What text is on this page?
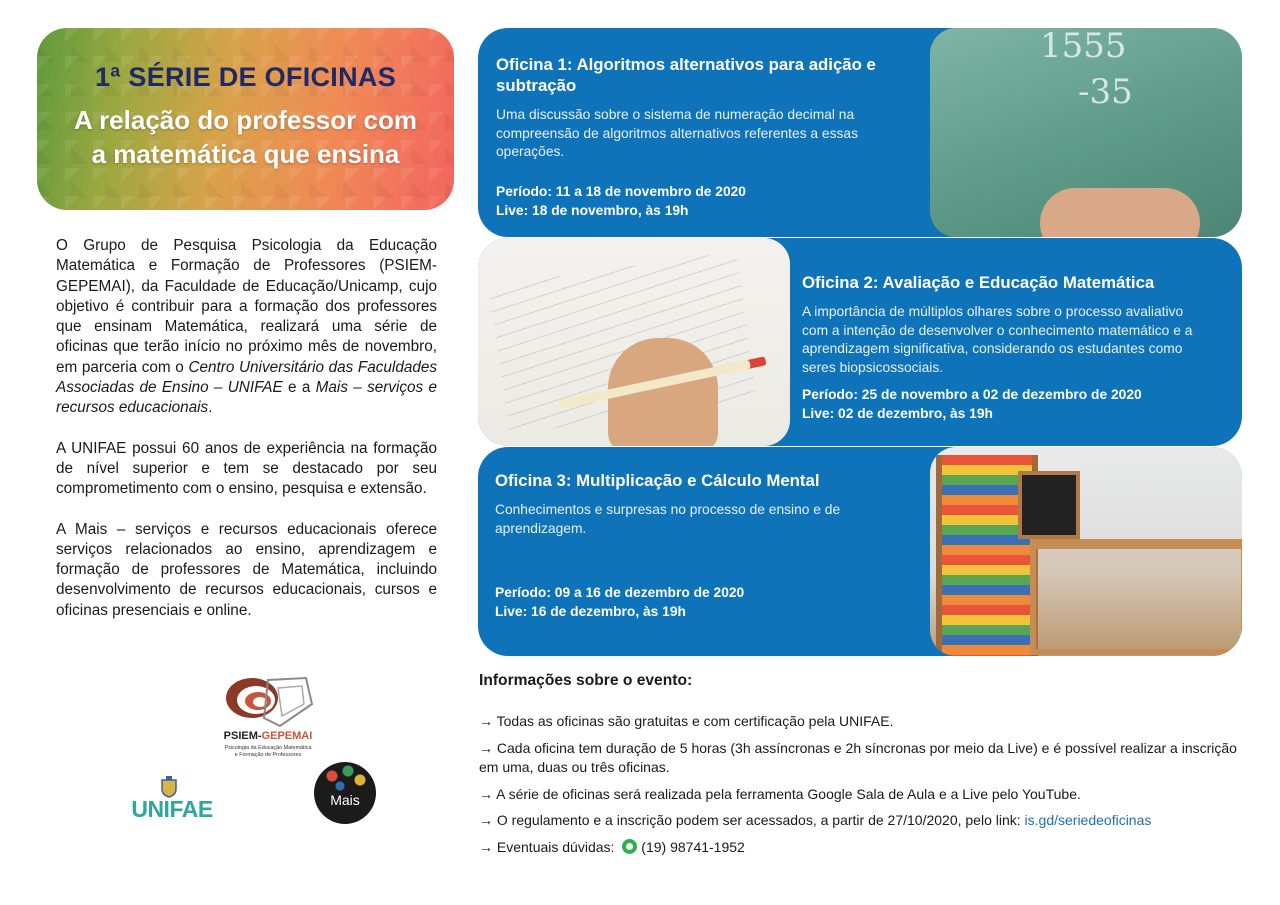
1ª SÉRIE DE OFICINAS
A relação do professor com
a matemática que ensina

O Grupo de Pesquisa Psicologia da Educação Matemática e Formação de Professores (PSIEM-GEPEMAI), da Faculdade de Educação/Unicamp, cujo objetivo é contribuir para a formação dos professores que ensinam Matemática, realizará uma série de oficinas que terão início no próximo mês de novembro, em parceria com o Centro Universitário das Faculdades Associadas de Ensino – UNIFAE e a Mais – serviços e recursos educacionais.

A UNIFAE possui 60 anos de experiência na formação de nível superior e tem se destacado por seu comprometimento com o ensino, pesquisa e extensão.

A Mais – serviços e recursos educacionais oferece serviços relacionados ao ensino, aprendizagem e formação de professores de Matemática, incluindo desenvolvimento de recursos educacionais, cursos e oficinas presenciais e online.

PSIEM-GEPEMAI
Psicologia da Educação Matemática
e Formação de Professores
UNIFAE	Mais
Oficina 1: Algoritmos alternativos para adição e subtração

Uma discussão sobre o sistema de numeração decimal na compreensão de algoritmos alternativos referentes a essas operações.

Período: 11 a 18 de novembro de 2020
Live: 18 de novembro, às 19h
1555
-35
Oficina 2: Avaliação e Educação Matemática

A importância de múltiplos olhares sobre o processo avaliativo com a intenção de desenvolver o conhecimento matemático e a aprendizagem significativa, considerando os estudantes como seres biopsicossociais.

Período: 25 de novembro a 02 de dezembro de 2020
Live: 02 de dezembro, às 19h
Oficina 3: Multiplicação e Cálculo Mental

Conhecimentos e surpresas no processo de ensino e de aprendizagem.

Período: 09 a 16 de dezembro de 2020
Live: 16 de dezembro, às 19h
Informações sobre o evento:
→ Todas as oficinas são gratuitas e com certificação pela UNIFAE.
→ Cada oficina tem duração de 5 horas (3h assíncronas e 2h síncronas por meio da Live) e é possível realizar a inscrição em uma, duas ou três oficinas.
→ A série de oficinas será realizada pela ferramenta Google Sala de Aula e a Live pelo YouTube.
→ O regulamento e a inscrição podem ser acessados, a partir de 27/10/2020, pelo link: is.gd/seriedeoficinas
→ Eventuais dúvidas: (19) 98741-1952
